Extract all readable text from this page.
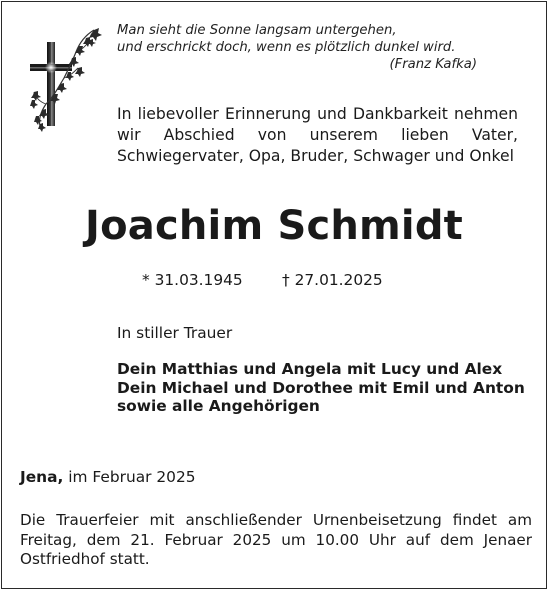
Man sieht die Sonne langsam untergehen,
und erschrickt doch, wenn es plötzlich dunkel wird.
(Franz Kafka)
In liebevoller Erinnerung und Dankbarkeit nehmen wir Abschied von unserem lieben Vater, Schwiegervater, Opa, Bruder, Schwager und Onkel
Joachim Schmidt
* 31.03.1945	† 27.01.2025
In stiller Trauer
Dein Matthias und Angela mit Lucy und Alex
Dein Michael und Dorothee mit Emil und Anton
sowie alle Angehörigen
Jena, im Februar 2025
Die Trauerfeier mit anschließender Urnenbeisetzung findet am Freitag, dem 21. Februar 2025 um 10.00 Uhr auf dem Jenaer Ostfriedhof statt.
